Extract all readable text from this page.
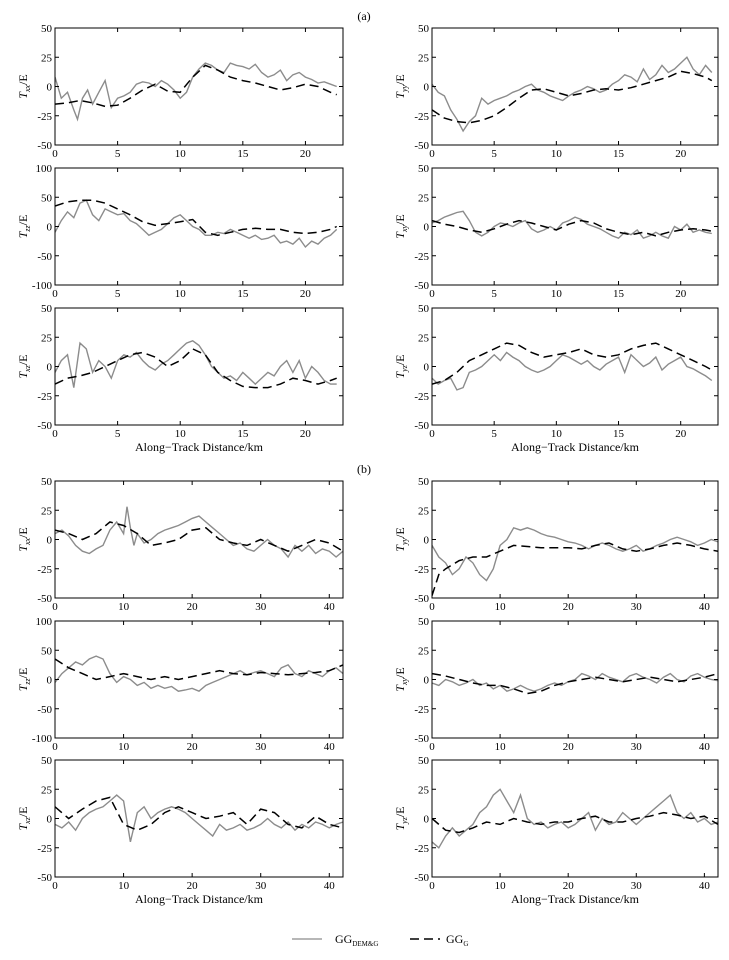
(a)
(b)
0	5	10	15	20
-50
-25
0
25
50
$T_{xx}/E$
0	5	10	15	20
-50
-25
0
25
50
$T_{yy}/E$
0	5	10	15	20
-100
-50
0
50
100
$T_{zz}/E$
0	5	10	15	20
-50
-25
0
25
50
$T_{xy}/E$
0	5	10	15	20
-50
-25
0
25
50
$T_{xz}/E$
Along−Track Distance/km
0	5	10	15	20
-50
-25
0
25
50
$T_{yz}/E$
Along−Track Distance/km
0	10	20	30	40
-50
-25
0
25
50
$T_{xx}/E$
0	10	20	30	40
-50
-25
0
25
50
$T_{yy}/E$
0	10	20	30	40
-100
-50
0
50
100
$T_{zz}/E$
0	10	20	30	40
-50
-25
0
25
50
$T_{xy}/E$
0	10	20	30	40
-50
-25
0
25
50
$T_{xz}/E$
Along−Track Distance/km
0	10	20	30	40
-50
-25
0
25
50
$T_{yz}/E$
Along−Track Distance/km
$GG_{DEM\&G}$	$GG_G$
